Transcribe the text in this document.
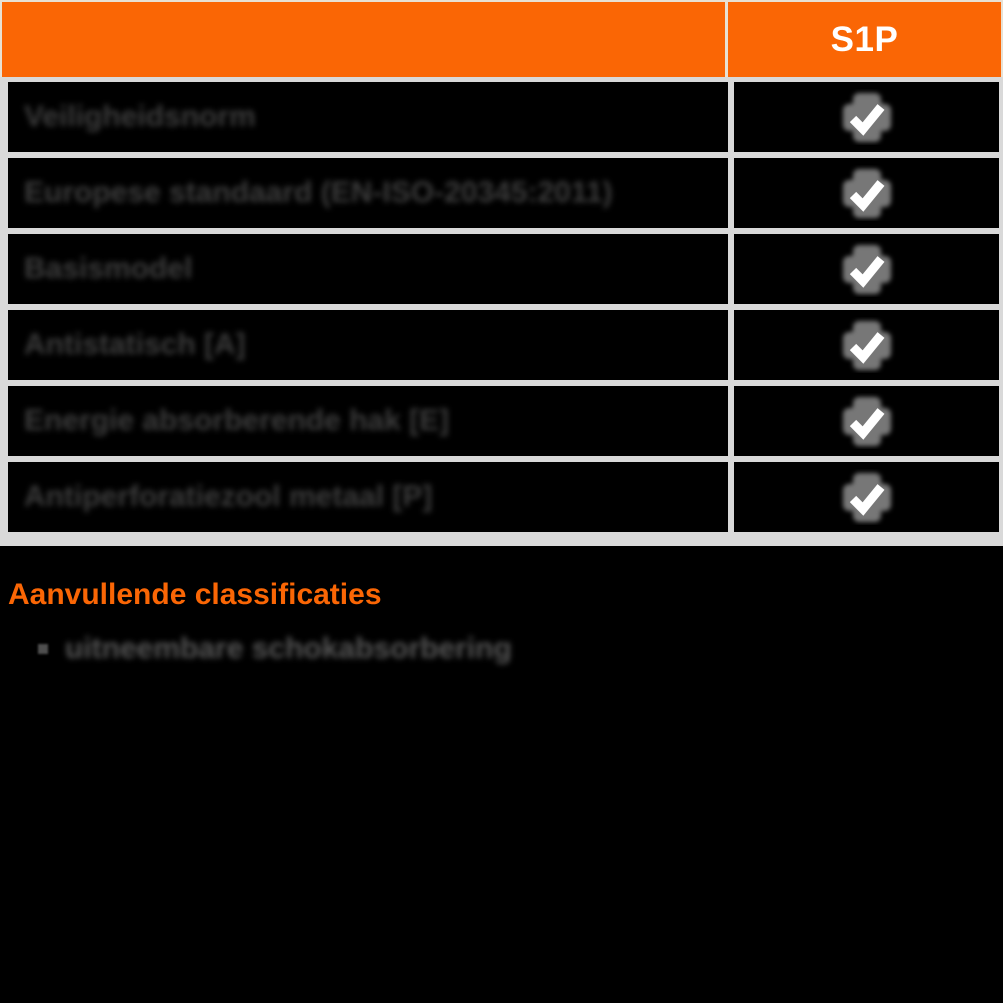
S1P
Veiligheidsnorm
Europese standaard (EN-ISO-20345:2011)
Basismodel
Antistatisch [A]
Energie absorberende hak [E]
Antiperforatiezool metaal [P]
Aanvullende classificaties
uitneembare schokabsorbering
